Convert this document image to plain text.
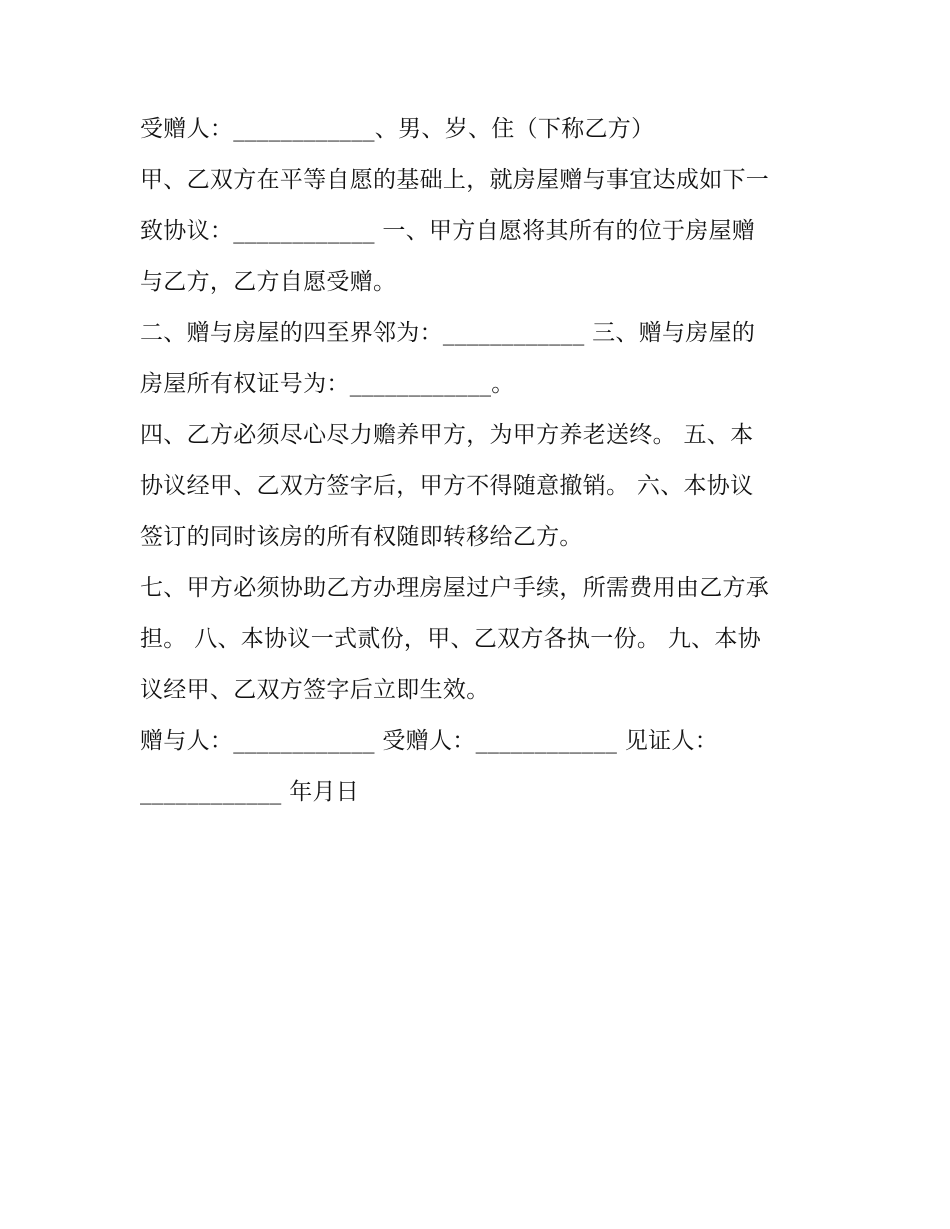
受赠人：____________、男、岁、住（下称乙方）
甲、乙双方在平等自愿的基础上，就房屋赠与事宜达成如下一
致协议：____________ 一、甲方自愿将其所有的位于房屋赠
与乙方，乙方自愿受赠。
二、赠与房屋的四至界邻为：____________ 三、赠与房屋的
房屋所有权证号为：____________。
四、乙方必须尽心尽力赡养甲方，为甲方养老送终。 五、本
协议经甲、乙双方签字后，甲方不得随意撤销。 六、本协议
签订的同时该房的所有权随即转移给乙方。
七、甲方必须协助乙方办理房屋过户手续，所需费用由乙方承
担。 八、本协议一式贰份，甲、乙双方各执一份。 九、本协
议经甲、乙双方签字后立即生效。
赠与人：____________ 受赠人：____________ 见证人：
____________ 年月日
